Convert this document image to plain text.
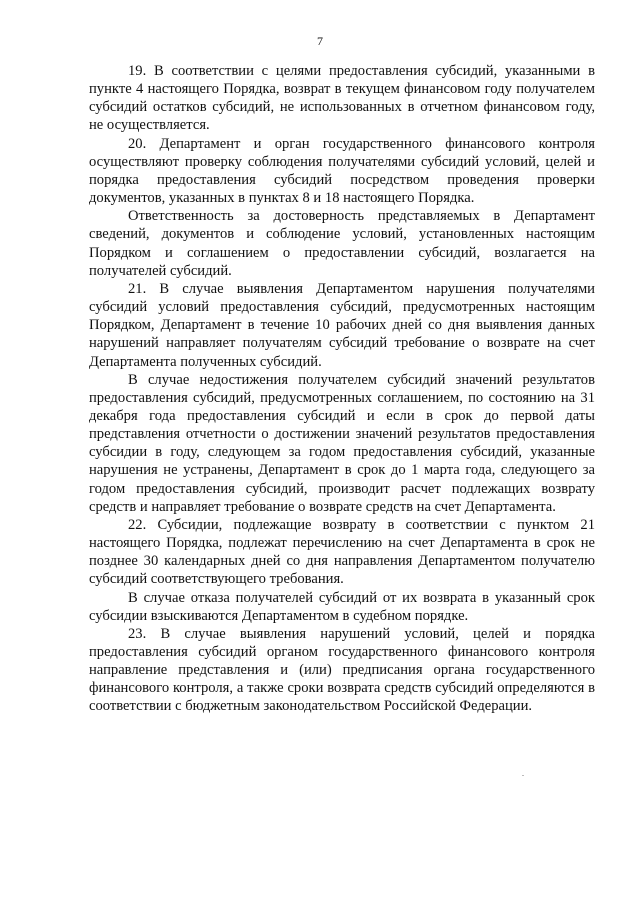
7

19. В соответствии с целями предоставления субсидий, указанными в пункте 4 настоящего Порядка, возврат в текущем финансовом году получателем субсидий остатков субсидий, не использованных в отчетном финансовом году, не осуществляется.

20. Департамент и орган государственного финансового контроля осуществляют проверку соблюдения получателями субсидий условий, целей и порядка предоставления субсидий посредством проведения проверки документов, указанных в пунктах 8 и 18 настоящего Порядка.

Ответственность за достоверность представляемых в Департамент сведений, документов и соблюдение условий, установленных настоящим Порядком и соглашением о предоставлении субсидий, возлагается на получателей субсидий.

21. В случае выявления Департаментом нарушения получателями субсидий условий предоставления субсидий, предусмотренных настоящим Порядком, Департамент в течение 10 рабочих дней со дня выявления данных нарушений направляет получателям субсидий требование о возврате на счет Департамента полученных субсидий.

В случае недостижения получателем субсидий значений результатов предоставления субсидий, предусмотренных соглашением, по состоянию на 31 декабря года предоставления субсидий и если в срок до первой даты представления отчетности о достижении значений результатов предоставления субсидии в году, следующем за годом предоставления субсидий, указанные нарушения не устранены, Департамент в срок до 1 марта года, следующего за годом предоставления субсидий, производит расчет подлежащих возврату средств и направляет требование о возврате средств на счет Департамента.

22. Субсидии, подлежащие возврату в соответствии с пунктом 21 настоящего Порядка, подлежат перечислению на счет Департамента в срок не позднее 30 календарных дней со дня направления Департаментом получателю субсидий соответствующего требования.

В случае отказа получателей субсидий от их возврата в указанный срок субсидии взыскиваются Департаментом в судебном порядке.

23. В случае выявления нарушений условий, целей и порядка предоставления субсидий органом государственного финансового контроля направление представления и (или) предписания органа государственного финансового контроля, а также сроки возврата средств субсидий определяются в соответствии с бюджетным законодательством Российской Федерации.
